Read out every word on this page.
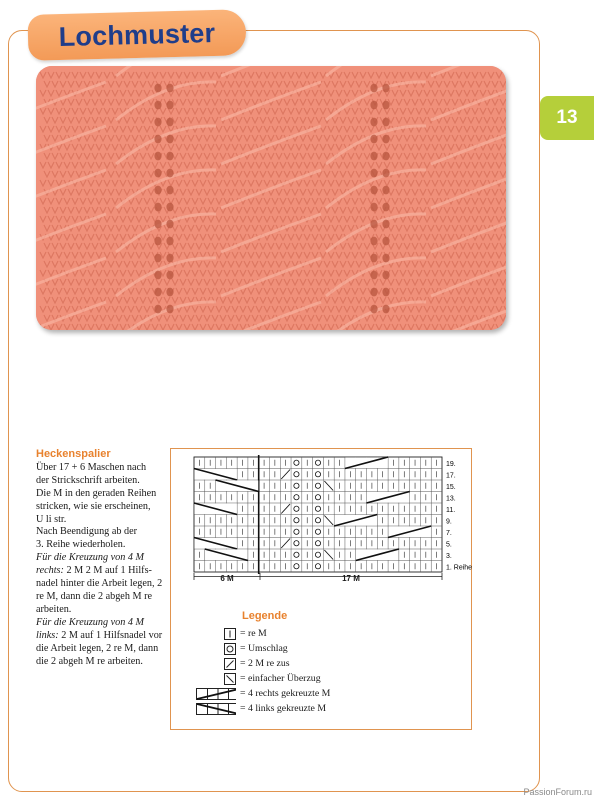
Lochmuster
13
Heckenspalier

Über 17 + 6 Maschen nach

der Strickschrift arbeiten.

Die M in den geraden Reihen

stricken, wie sie erscheinen,

U li str.

Nach Beendigung ab der

3. Reihe wiederholen.

Für die Kreuzung von 4 M rechts: 2 M 2 M auf 1 Hilfs-nadel hinter die Arbeit legen, 2 re M, dann die 2 abgeh M re arbeiten.

Für die Kreuzung von 4 M links: 2 M auf 1 Hilfsnadel vor die Arbeit legen, 2 re M, dann die 2 abgeh M re arbeiten.

19.
17.
15.
13.
11.
9.
7.
5.
3.
1. Reihe
6 M	17 M
Legende
= re M
= Umschlag
= 2 M re zus
= einfacher Überzug
= 4 rechts gekreuzte M
= 4 links gekreuzte M
PassionForum.ru
